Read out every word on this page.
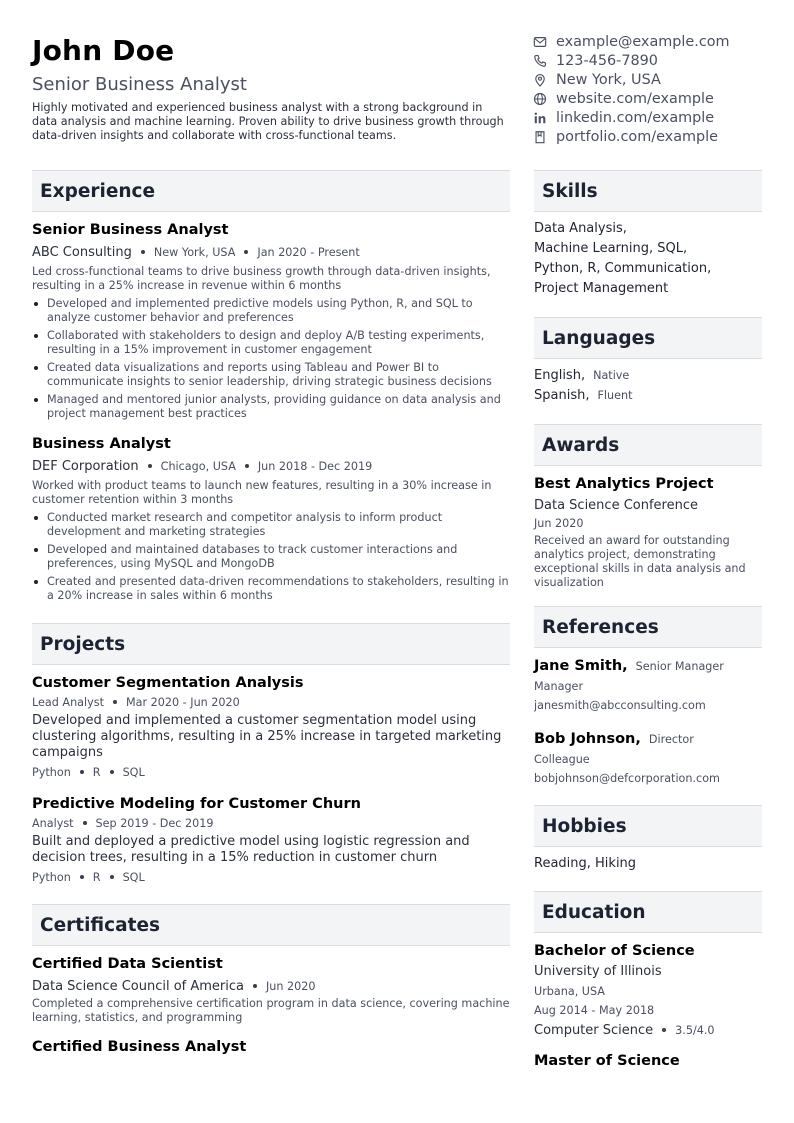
John Doe
Senior Business Analyst
Highly motivated and experienced business analyst with a strong background in data analysis and machine learning. Proven ability to drive business growth through data-driven insights and collaborate with cross-functional teams.
example@example.com
123-456-7890
New York, USA
website.com/example
linkedin.com/example
portfolio.com/example
Experience
Senior Business Analyst
ABC Consulting New York, USA Jan 2020 - Present
Led cross-functional teams to drive business growth through data-driven insights, resulting in a 25% increase in revenue within 6 months
Developed and implemented predictive models using Python, R, and SQL to analyze customer behavior and preferences
Collaborated with stakeholders to design and deploy A/B testing experiments, resulting in a 15% improvement in customer engagement
Created data visualizations and reports using Tableau and Power BI to communicate insights to senior leadership, driving strategic business decisions
Managed and mentored junior analysts, providing guidance on data analysis and project management best practices
Business Analyst
DEF Corporation Chicago, USA Jun 2018 - Dec 2019
Worked with product teams to launch new features, resulting in a 30% increase in customer retention within 3 months
Conducted market research and competitor analysis to inform product development and marketing strategies
Developed and maintained databases to track customer interactions and preferences, using MySQL and MongoDB
Created and presented data-driven recommendations to stakeholders, resulting in a 20% increase in sales within 6 months
Projects
Customer Segmentation Analysis
Lead Analyst Mar 2020 - Jun 2020
Developed and implemented a customer segmentation model using clustering algorithms, resulting in a 25% increase in targeted marketing campaigns
Python R SQL
Predictive Modeling for Customer Churn
Analyst Sep 2019 - Dec 2019
Built and deployed a predictive model using logistic regression and decision trees, resulting in a 15% reduction in customer churn
Python R SQL
Certificates
Certified Data Scientist
Data Science Council of America Jun 2020
Completed a comprehensive certification program in data science, covering machine learning, statistics, and programming
Certified Business Analyst
Skills
Data Analysis,
Machine Learning, SQL,
Python, R, Communication,
Project Management
Languages
English, Native
Spanish, Fluent
Awards
Best Analytics Project
Data Science Conference
Jun 2020
Received an award for outstanding analytics project, demonstrating exceptional skills in data analysis and visualization
References
Jane Smith, Senior Manager
Manager
janesmith@abcconsulting.com
Bob Johnson, Director
Colleague
bobjohnson@defcorporation.com
Hobbies
Reading, Hiking
Education
Bachelor of Science
University of Illinois
Urbana, USA
Aug 2014 - May 2018
Computer Science 3.5/4.0
Master of Science
